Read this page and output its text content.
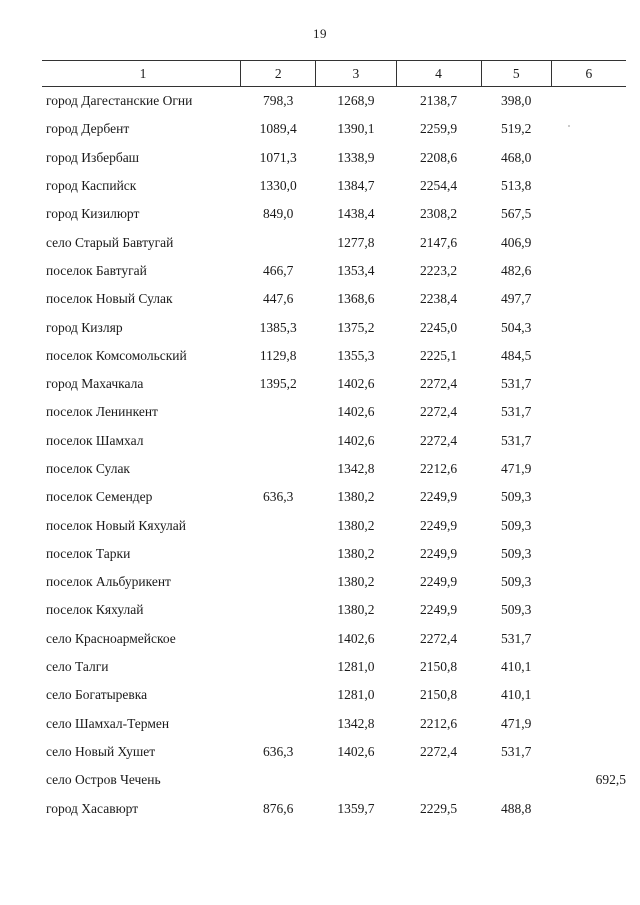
19
1	2	3	4	5	6
город Дагестанские Огни	798,3	1268,9	2138,7	398,0	
город Дербент	1089,4	1390,1	2259,9	519,2	
город Избербаш	1071,3	1338,9	2208,6	468,0	
город Каспийск	1330,0	1384,7	2254,4	513,8	
город Кизилюрт	849,0	1438,4	2308,2	567,5	
село Старый Бавтугай		1277,8	2147,6	406,9	
поселок Бавтугай	466,7	1353,4	2223,2	482,6	
поселок Новый Сулак	447,6	1368,6	2238,4	497,7	
город Кизляр	1385,3	1375,2	2245,0	504,3	
поселок Комсомольский	1129,8	1355,3	2225,1	484,5	
город Махачкала	1395,2	1402,6	2272,4	531,7	
поселок Ленинкент		1402,6	2272,4	531,7	
поселок Шамхал		1402,6	2272,4	531,7	
поселок Сулак		1342,8	2212,6	471,9	
поселок Семендер	636,3	1380,2	2249,9	509,3	
поселок Новый Кяхулай		1380,2	2249,9	509,3	
поселок Тарки		1380,2	2249,9	509,3	
поселок Альбурикент		1380,2	2249,9	509,3	
поселок Кяхулай		1380,2	2249,9	509,3	
село Красноармейское		1402,6	2272,4	531,7	
село Талги		1281,0	2150,8	410,1	
село Богатыревка		1281,0	2150,8	410,1	
село Шамхал-Термен		1342,8	2212,6	471,9	
село Новый Хушет	636,3	1402,6	2272,4	531,7	
село Остров Чечень					692,5
город Хасавюрт	876,6	1359,7	2229,5	488,8	
